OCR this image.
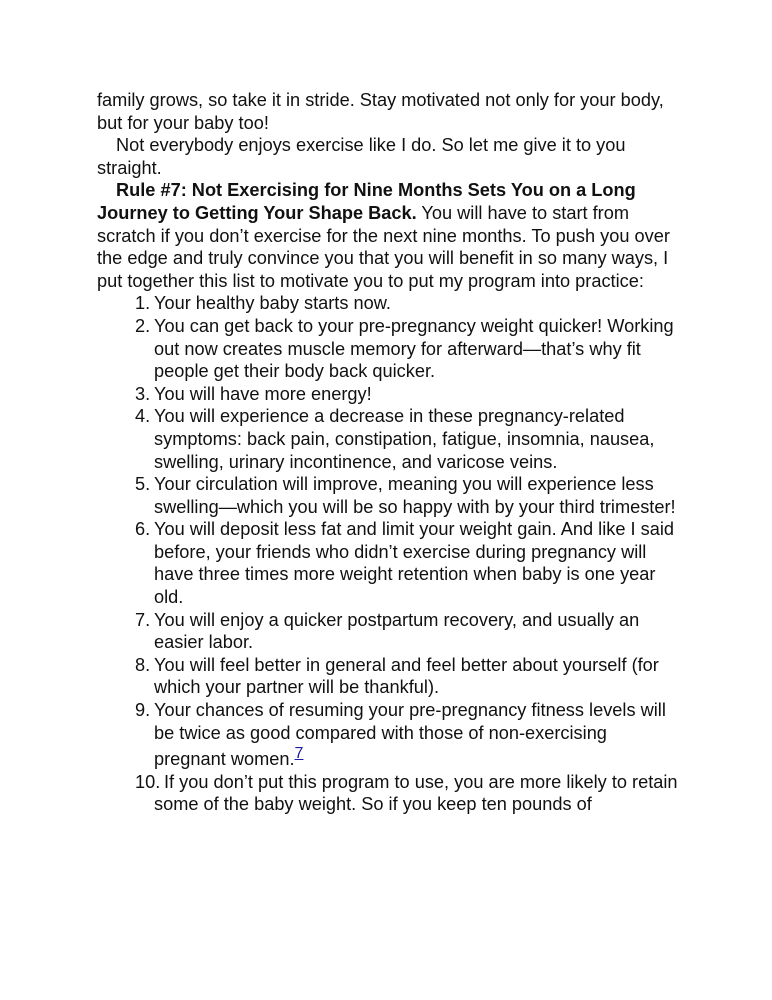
family grows, so take it in stride. Stay motivated not only for your body, but for your baby too!

Not everybody enjoys exercise like I do. So let me give it to you straight.

Rule #7: Not Exercising for Nine Months Sets You on a Long Journey to Getting Your Shape Back. You will have to start from scratch if you don’t exercise for the next nine months. To push you over the edge and truly convince you that you will benefit in so many ways, I put together this list to motivate you to put my program into practice:

1. Your healthy baby starts now.
2. You can get back to your pre-pregnancy weight quicker! Working out now creates muscle memory for afterward—that’s why fit people get their body back quicker.
3. You will have more energy!
4. You will experience a decrease in these pregnancy-related symptoms: back pain, constipation, fatigue, insomnia, nausea, swelling, urinary incontinence, and varicose veins.
5. Your circulation will improve, meaning you will experience less swelling—which you will be so happy with by your third trimester!
6. You will deposit less fat and limit your weight gain. And like I said before, your friends who didn’t exercise during pregnancy will have three times more weight retention when baby is one year old.
7. You will enjoy a quicker postpartum recovery, and usually an easier labor.
8. You will feel better in general and feel better about yourself (for which your partner will be thankful).
9. Your chances of resuming your pre-pregnancy fitness levels will be twice as good compared with those of non-exercising pregnant women.7
10. If you don’t put this program to use, you are more likely to retain some of the baby weight. So if you keep ten pounds of
